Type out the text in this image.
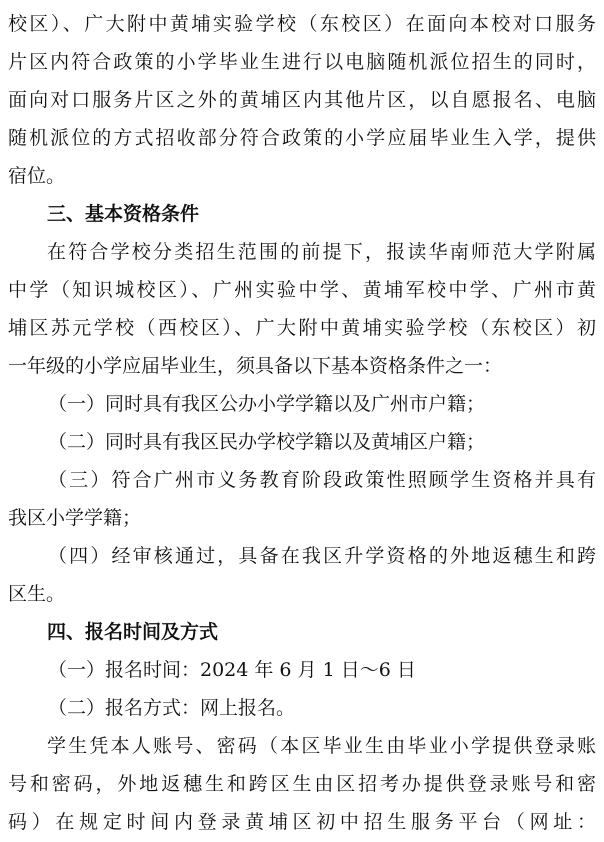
校区）、广大附中黄埔实验学校（东校区）在面向本校对口服务
片区内符合政策的小学毕业生进行以电脑随机派位招生的同时，
面向对口服务片区之外的黄埔区内其他片区，以自愿报名、电脑
随机派位的方式招收部分符合政策的小学应届毕业生入学，提供
宿位。
三、基本资格条件
在符合学校分类招生范围的前提下，报读华南师范大学附属
中学（知识城校区）、广州实验中学、黄埔军校中学、广州市黄
埔区苏元学校（西校区）、广大附中黄埔实验学校（东校区）初
一年级的小学应届毕业生，须具备以下基本资格条件之一：
（一）同时具有我区公办小学学籍以及广州市户籍；
（二）同时具有我区民办学校学籍以及黄埔区户籍；
（三）符合广州市义务教育阶段政策性照顾学生资格并具有
我区小学学籍；
（四）经审核通过，具备在我区升学资格的外地返穗生和跨
区生。
四、报名时间及方式
（一）报名时间：2024 年 6 月 1 日～6 日
（二）报名方式：网上报名。
学生凭本人账号、密码（本区毕业生由毕业小学提供登录账
号和密码，外地返穗生和跨区生由区招考办提供登录账号和密
码）在规定时间内登录黄埔区初中招生服务平台（网址：
